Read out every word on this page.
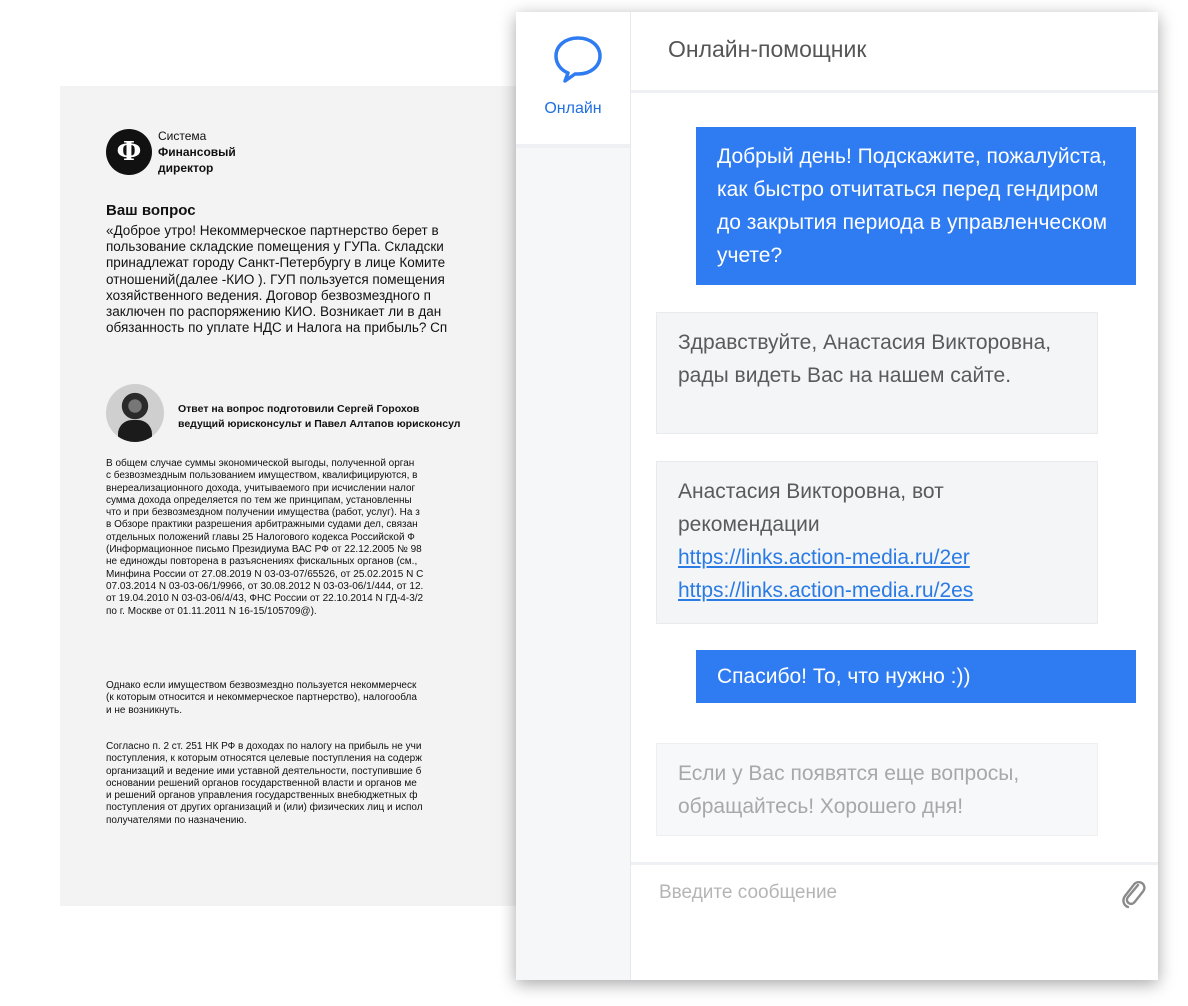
Ф
Система
Финансовый
директор
Ваш вопрос
«Доброе утро! Некоммерческое партнерство берет в
пользование складские помещения у ГУПа. Складски
принадлежат городу Санкт-Петербургу в лице Комите
отношений(далее -КИО ). ГУП пользуется помещения
хозяйственного ведения. Договор безвозмездного п
заключен по распоряжению КИО. Возникает ли в дан
обязанность по уплате НДС и Налога на прибыль? Сп
Ответ на вопрос подготовили Сергей Горохов
ведущий юрисконсульт и Павел Алтапов юрисконсул
В общем случае суммы экономической выгоды, полученной орган
с безвозмездным пользованием имуществом, квалифицируются, в
внереализационного дохода, учитываемого при исчислении налог
сумма дохода определяется по тем же принципам, установленны
что и при безвозмездном получении имущества (работ, услуг). На з
в Обзоре практики разрешения арбитражными судами дел, связан
отдельных положений главы 25 Налогового кодекса Российской Ф
(Информационное письмо Президиума ВАС РФ от 22.12.2005 № 98
не единожды повторена в разъяснениях фискальных органов (см.,
Минфина России от 27.08.2019 N 03-03-07/65526, от 25.02.2015 N С
07.03.2014 N 03-03-06/1/9966, от 30.08.2012 N 03-03-06/1/444, от 12.
от 19.04.2010 N 03-03-06/4/43, ФНС России от 22.10.2014 N ГД-4-3/2
по г. Москве от 01.11.2011 N 16-15/105709@).
Однако если имуществом безвозмездно пользуется некоммерческ
(к которым относится и некоммерческое партнерство), налогообла
и не возникнуть.
Согласно п. 2 ст. 251 НК РФ в доходах по налогу на прибыль не учи
поступления, к которым относятся целевые поступления на содерж
организаций и ведение ими уставной деятельности, поступившие б
основании решений органов государственной власти и органов ме
и решений органов управления государственных внебюджетных ф
поступления от других организаций и (или) физических лиц и испол
получателями по назначению.
Онлайн
Онлайн-помощник
Добрый день! Подскажите, пожалуйста, как быстро отчитаться перед гендиром до закрытия периода в управленческом учете?
Здравствуйте, Анастасия Викторовна, рады видеть Вас на нашем сайте.
Анастасия Викторовна, вот рекомендации
https://links.action-media.ru/2er
https://links.action-media.ru/2es
Спасибо! То, что нужно :))
Если у Вас появятся еще вопросы, обращайтесь! Хорошего дня!
Введите сообщение
